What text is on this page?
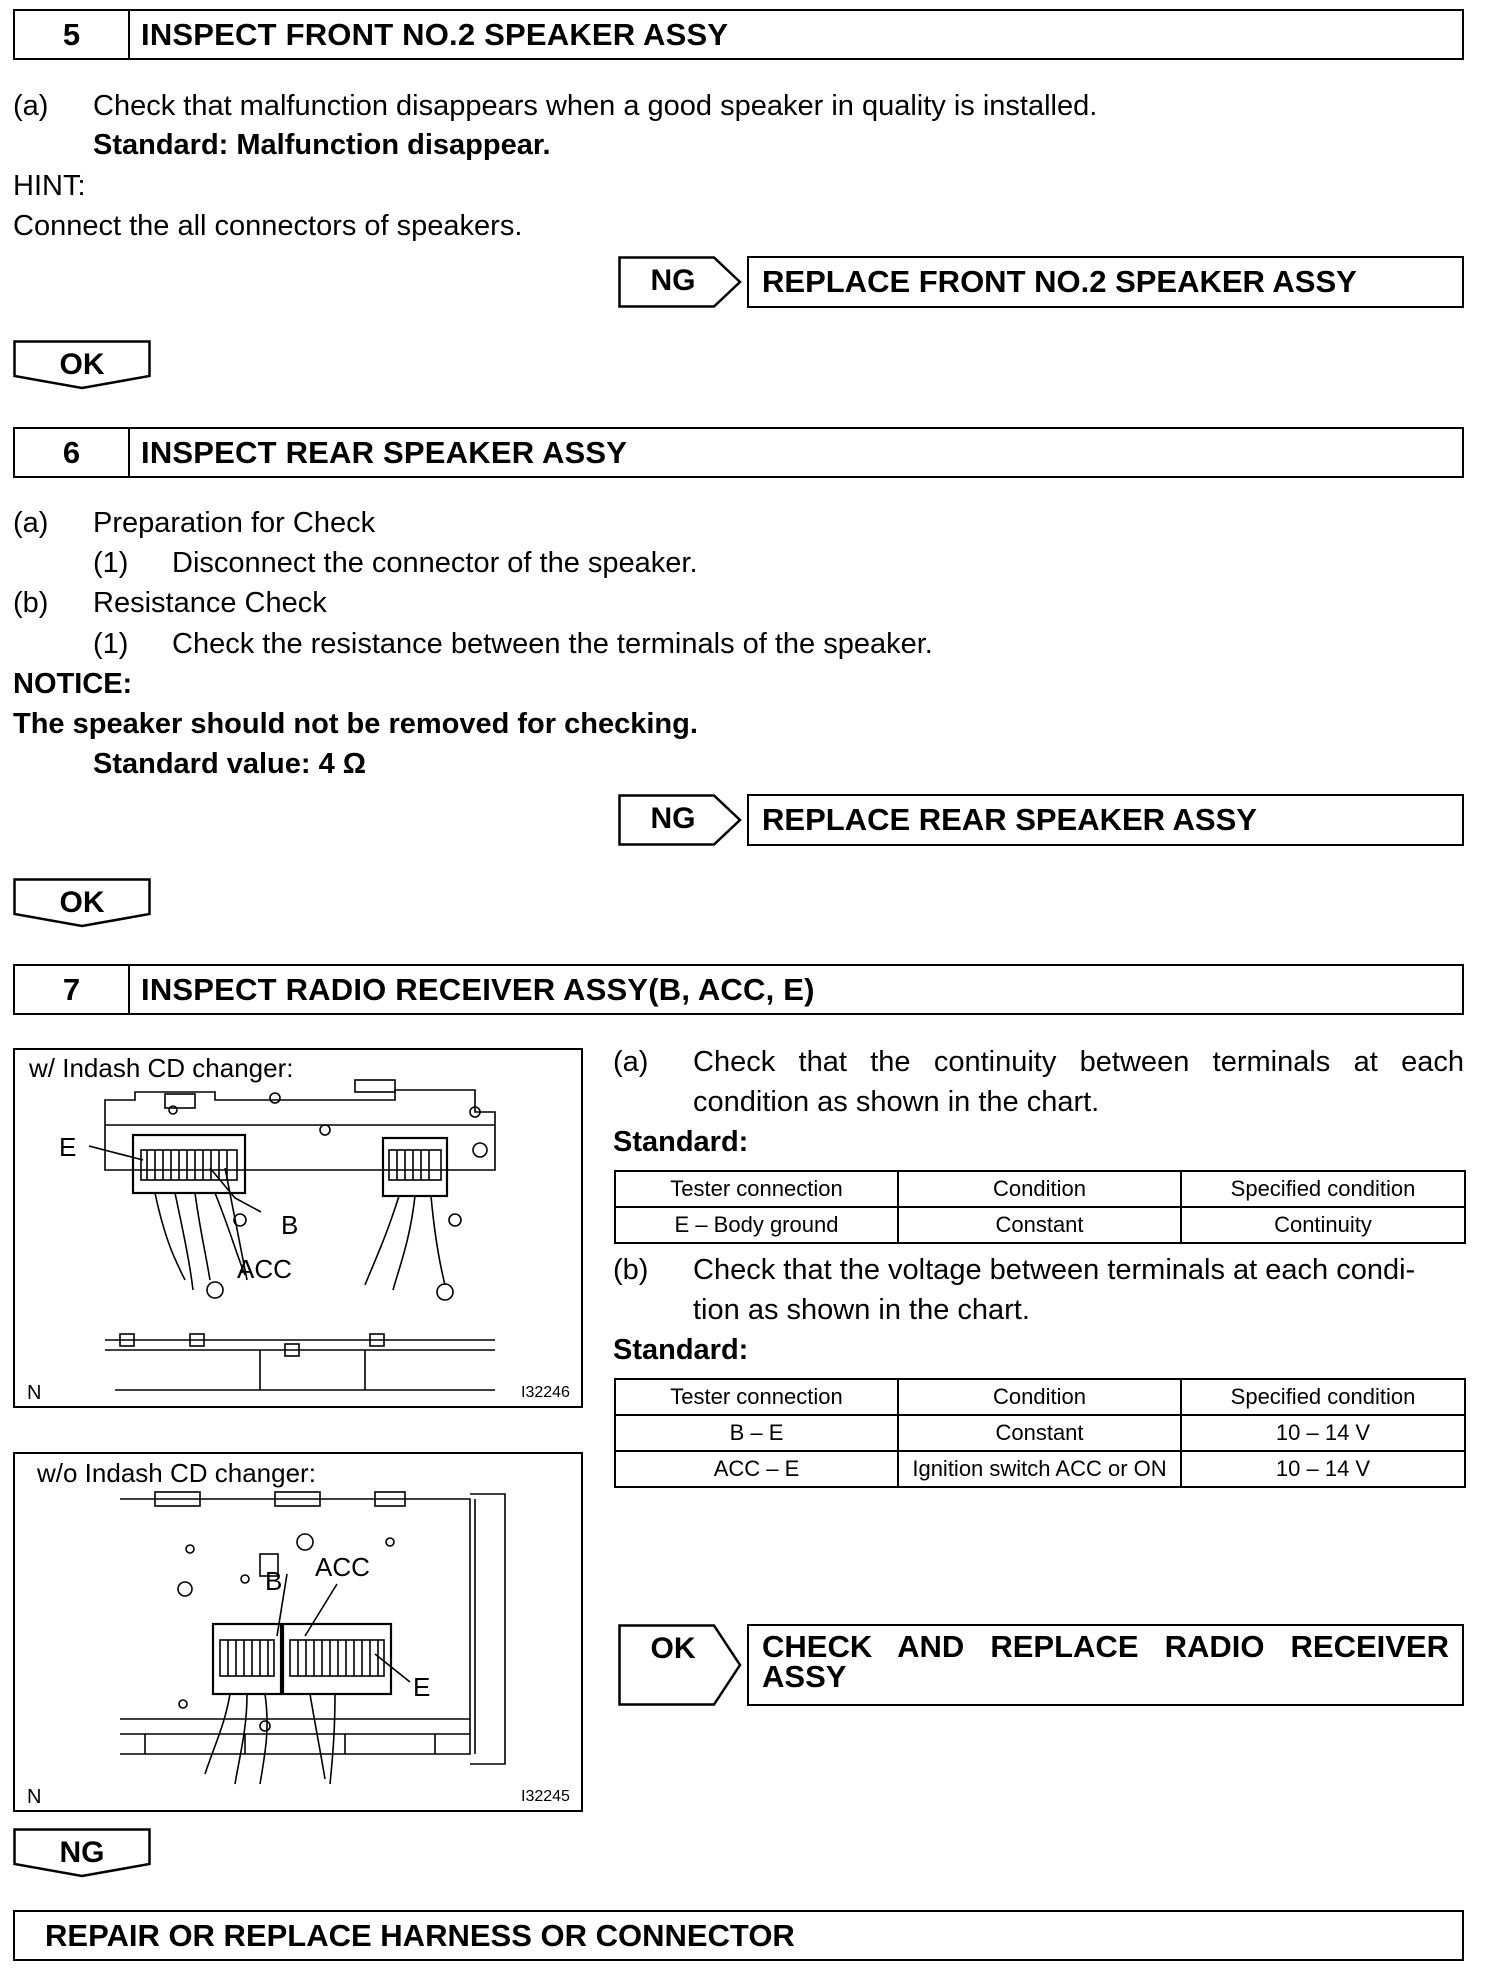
5	INSPECT FRONT NO.2 SPEAKER ASSY
(a) Check that malfunction disappears when a good speaker in quality is installed.
Standard: Malfunction disappear.
HINT:
Connect the all connectors of speakers.
NG	REPLACE FRONT NO.2 SPEAKER ASSY
OK
6	INSPECT REAR SPEAKER ASSY
(a) Preparation for Check
(1) Disconnect the connector of the speaker.
(b) Resistance Check
(1) Check the resistance between the terminals of the speaker.
NOTICE:
The speaker should not be removed for checking.
Standard value: 4 Ω
NG	REPLACE REAR SPEAKER ASSY
OK
7	INSPECT RADIO RECEIVER ASSY(B, ACC, E)
w/ Indash CD changer:
E
B
ACC
N	I32246
w/o Indash CD changer:
B ACC
E
N	I32245
(a) Check that the continuity between terminals at each
condition as shown in the chart.
Standard:
Tester connection	Condition	Specified condition
E – Body ground	Constant	Continuity
(b) Check that the voltage between terminals at each condi-
tion as shown in the chart.
Standard:
Tester connection	Condition	Specified condition
B – E	Constant	10 – 14 V
ACC – E	Ignition switch ACC or ON	10 – 14 V
OK	CHECK AND REPLACE RADIO RECEIVER
ASSY
NG
REPAIR OR REPLACE HARNESS OR CONNECTOR
